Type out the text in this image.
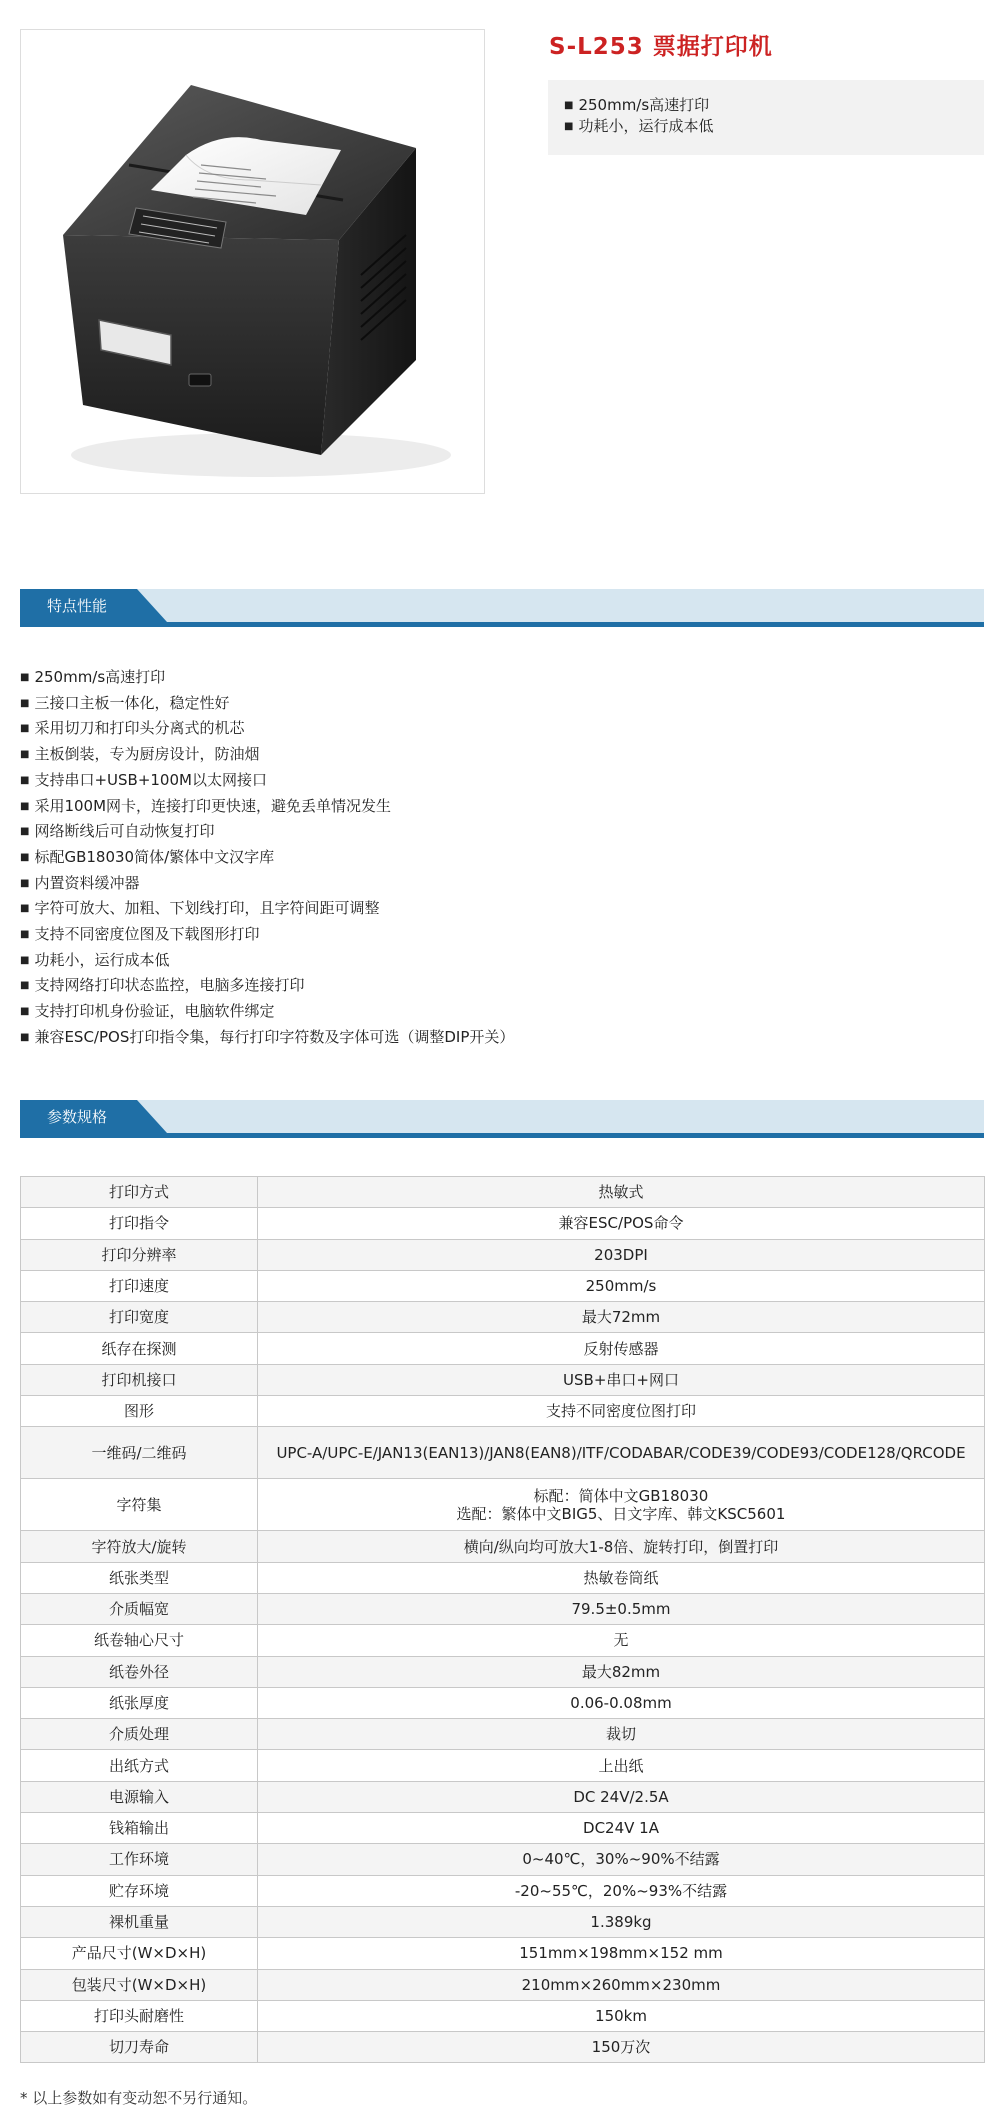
S-L253 票据打印机
■ 250mm/s高速打印
■ 功耗小，运行成本低
特点性能
■ 250mm/s高速打印
■ 三接口主板一体化，稳定性好
■ 采用切刀和打印头分离式的机芯
■ 主板倒装，专为厨房设计，防油烟
■ 支持串口+USB+100M以太网接口
■ 采用100M网卡，连接打印更快速，避免丢单情况发生
■ 网络断线后可自动恢复打印
■ 标配GB18030简体/繁体中文汉字库
■ 内置资料缓冲器
■ 字符可放大、加粗、下划线打印，且字符间距可调整
■ 支持不同密度位图及下载图形打印
■ 功耗小，运行成本低
■ 支持网络打印状态监控，电脑多连接打印
■ 支持打印机身份验证，电脑软件绑定
■ 兼容ESC/POS打印指令集，每行打印字符数及字体可选（调整DIP开关）
参数规格
打印方式	热敏式
打印指令	兼容ESC/POS命令
打印分辨率	203DPI
打印速度	250mm/s
打印宽度	最大72mm
纸存在探测	反射传感器
打印机接口	USB+串口+网口
图形	支持不同密度位图打印
一维码/二维码	UPC-A/UPC-E/JAN13(EAN13)/JAN8(EAN8)/ITF/CODABAR/CODE39/CODE93/CODE128/QRCODE
字符集	标配：简体中文GB18030
选配：繁体中文BIG5、日文字库、韩文KSC5601

字符放大/旋转	横向/纵向均可放大1-8倍、旋转打印，倒置打印
纸张类型	热敏卷筒纸
介质幅宽	79.5±0.5mm
纸卷轴心尺寸	无
纸卷外径	最大82mm
纸张厚度	0.06-0.08mm
介质处理	裁切
出纸方式	上出纸
电源输入	DC 24V/2.5A
钱箱输出	DC24V 1A
工作环境	0~40℃，30%~90%不结露
贮存环境	-20~55℃，20%~93%不结露
裸机重量	1.389kg
产品尺寸(W×D×H)	151mm×198mm×152 mm
包装尺寸(W×D×H)	210mm×260mm×230mm
打印头耐磨性	150km
切刀寿命	150万次

* 以上参数如有变动恕不另行通知。
